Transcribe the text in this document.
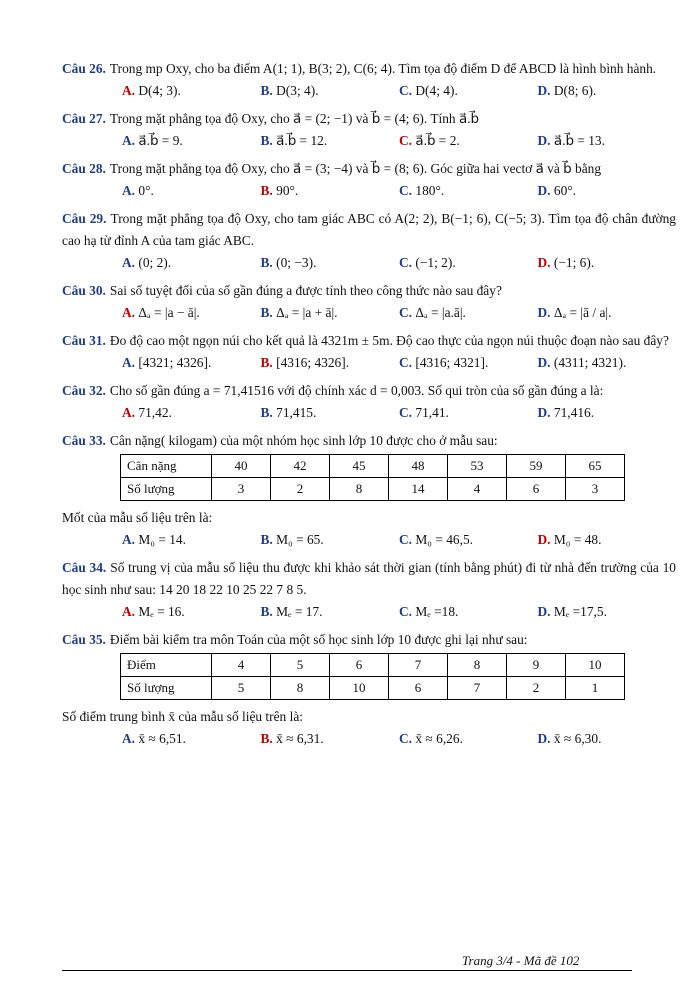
Câu 26. Trong mp Oxy, cho ba điểm A(1; 1), B(3; 2), C(6; 4). Tìm tọa độ điểm D để ABCD là hình bình hành.
A. D(4; 3).	B. D(3; 4).	C. D(4; 4).	D. D(8; 6).
Câu 27. Trong mặt phẳng tọa độ Oxy, cho a⃗ = (2; −1) và b⃗ = (4; 6). Tính a⃗.b⃗
A. a⃗.b⃗ = 9.	B. a⃗.b⃗ = 12.	C. a⃗.b⃗ = 2.	D. a⃗.b⃗ = 13.
Câu 28. Trong mặt phẳng tọa độ Oxy, cho a⃗ = (3; −4) và b⃗ = (8; 6). Góc giữa hai vectơ a⃗ và b⃗ bằng
A. 0°.	B. 90°.	C. 180°.	D. 60°.
Câu 29. Trong mặt phẳng tọa độ Oxy, cho tam giác ABC có A(2; 2), B(−1; 6), C(−5; 3). Tìm tọa độ chân đường cao hạ từ đỉnh A của tam giác ABC.
A. (0; 2).	B. (0; −3).	C. (−1; 2).	D. (−1; 6).
Câu 30. Sai số tuyệt đối của số gần đúng a được tính theo công thức nào sau đây?
A. Δₐ = |a − ā|.	B. Δₐ = |a + ā|.	C. Δₐ = |a.ā|.	D. Δₐ = |ā / a|.
Câu 31. Đo độ cao một ngọn núi cho kết quả là 4321m ± 5m. Độ cao thực của ngọn núi thuộc đoạn nào sau đây?
A. [4321; 4326].	B. [4316; 4326].	C. [4316; 4321].	D. (4311; 4321).
Câu 32. Cho số gần đúng a = 71,41516 với độ chính xác d = 0,003. Số qui tròn của số gần đúng a là:
A. 71,42.	B. 71,415.	C. 71,41.	D. 71,416.
Câu 33. Cân nặng( kilogam) của một nhóm học sinh lớp 10 được cho ở mẫu sau:
Cân nặng	40	42	45	48	53	59	65
Số lượng	3	2	8	14	4	6	3
Mốt của mẫu số liệu trên là:
A. M₀ = 14.	B. M₀ = 65.	C. M₀ = 46,5.	D. M₀ = 48.
Câu 34. Số trung vị của mẫu số liệu thu được khi khảo sát thời gian (tính bằng phút) đi từ nhà đến trường của 10 học sinh như sau: 14 20 18 22 10 25 22 7 8 5.
A. Mₑ = 16.	B. Mₑ = 17.	C. Mₑ =18.	D. Mₑ =17,5.
Câu 35. Điểm bài kiểm tra môn Toán của một số học sinh lớp 10 được ghi lại như sau:
Điểm	4	5	6	7	8	9	10
Số lượng	5	8	10	6	7	2	1
Số điểm trung bình x̄ của mẫu số liệu trên là:
A. x̄ ≈ 6,51.	B. x̄ ≈ 6,31.	C. x̄ ≈ 6,26.	D. x̄ ≈ 6,30.
Trang 3/4 - Mã đề 102
